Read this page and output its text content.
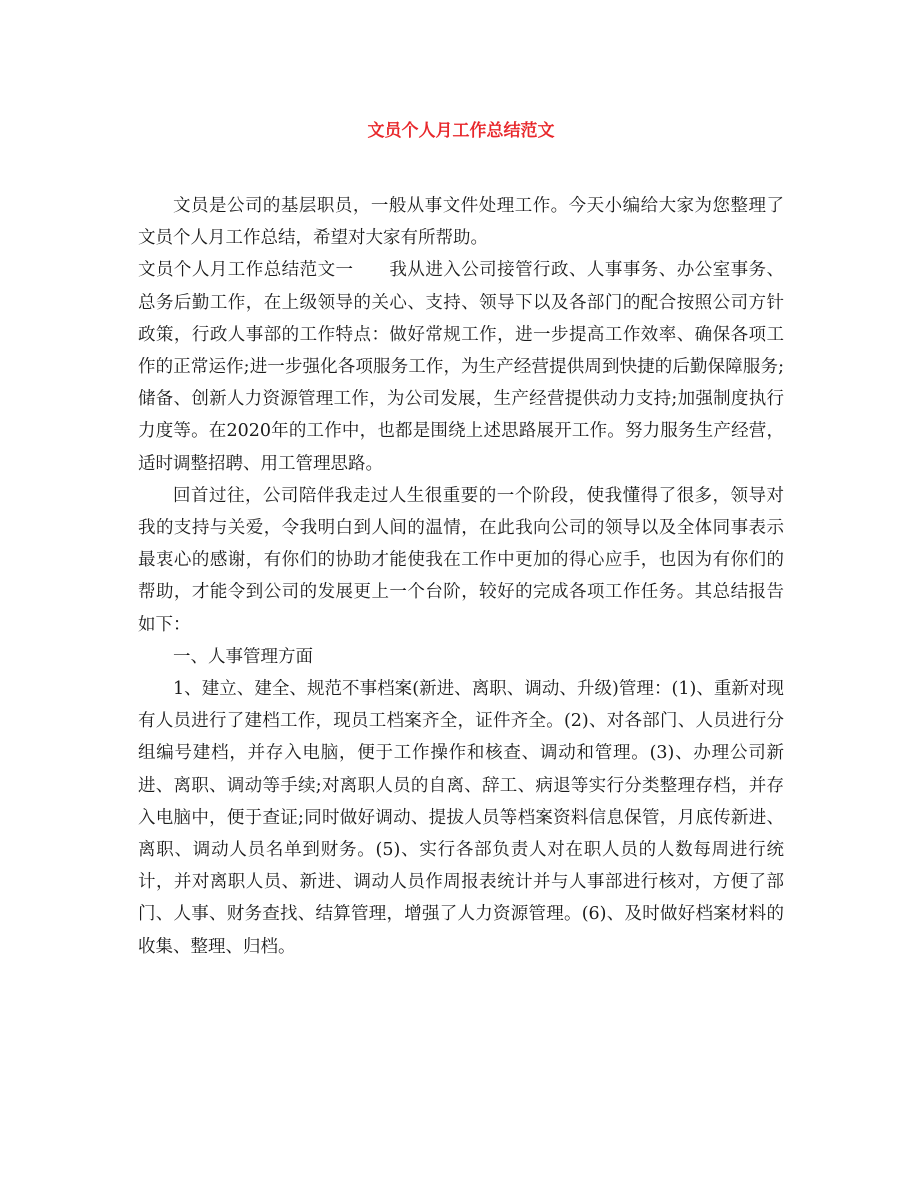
文员个人月工作总结范文

文员是公司的基层职员，一般从事文件处理工作。今天小编给大家为您整理了文员个人月工作总结，希望对大家有所帮助。

文员个人月工作总结范文一　　我从进入公司接管行政、人事事务、办公室事务、总务后勤工作，在上级领导的关心、支持、领导下以及各部门的配合按照公司方针政策，行政人事部的工作特点：做好常规工作，进一步提高工作效率、确保各项工作的正常运作;进一步强化各项服务工作，为生产经营提供周到快捷的后勤保障服务;储备、创新人力资源管理工作，为公司发展，生产经营提供动力支持;加强制度执行力度等。在2020年的工作中，也都是围绕上述思路展开工作。努力服务生产经营，适时调整招聘、用工管理思路。

回首过往，公司陪伴我走过人生很重要的一个阶段，使我懂得了很多，领导对我的支持与关爱，令我明白到人间的温情，在此我向公司的领导以及全体同事表示最衷心的感谢，有你们的协助才能使我在工作中更加的得心应手，也因为有你们的帮助，才能令到公司的发展更上一个台阶，较好的完成各项工作任务。其总结报告如下：

一、人事管理方面

1、建立、建全、规范不事档案(新进、离职、调动、升级)管理：(1)、重新对现有人员进行了建档工作，现员工档案齐全，证件齐全。(2)、对各部门、人员进行分组编号建档，并存入电脑，便于工作操作和核查、调动和管理。(3)、办理公司新进、离职、调动等手续;对离职人员的自离、辞工、病退等实行分类整理存档，并存入电脑中，便于查证;同时做好调动、提拔人员等档案资料信息保管，月底传新进、离职、调动人员名单到财务。(5)、实行各部负责人对在职人员的人数每周进行统计，并对离职人员、新进、调动人员作周报表统计并与人事部进行核对，方便了部门、人事、财务查找、结算管理，增强了人力资源管理。(6)、及时做好档案材料的收集、整理、归档。
